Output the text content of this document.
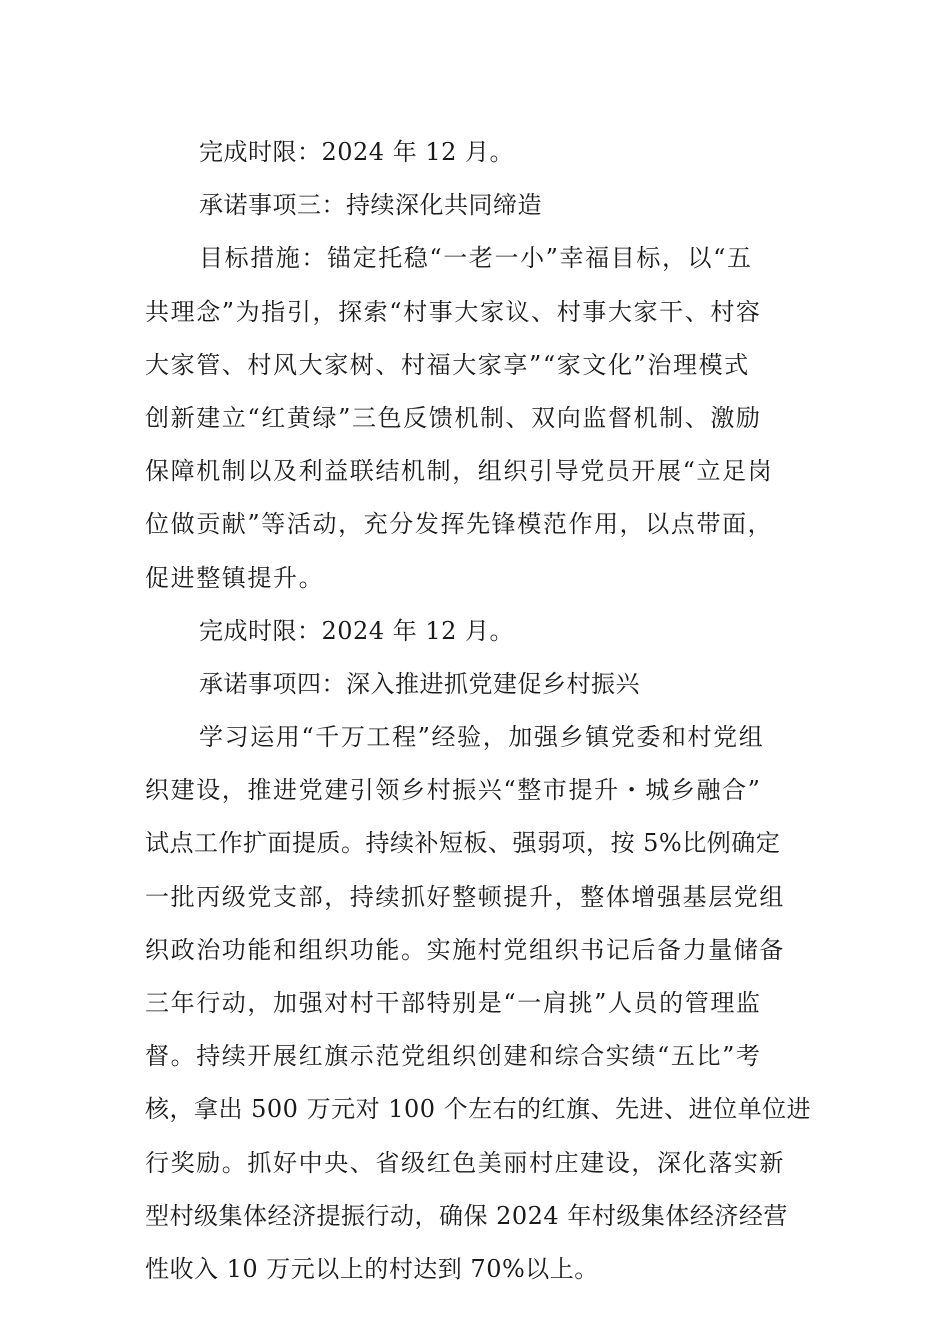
完成时限：2024 年 12 月。
承诺事项三：持续深化共同缔造
目标措施：锚定托稳“一老一小”幸福目标，以“五
共理念”为指引，探索“村事大家议、村事大家干、村容
大家管、村风大家树、村福大家享”“家文化”治理模式
创新建立“红黄绿”三色反馈机制、双向监督机制、激励
保障机制以及利益联结机制，组织引导党员开展“立足岗
位做贡献”等活动，充分发挥先锋模范作用，以点带面，
促进整镇提升。
完成时限：2024 年 12 月。
承诺事项四：深入推进抓党建促乡村振兴
学习运用“千万工程”经验，加强乡镇党委和村党组
织建设，推进党建引领乡村振兴“整市提升・城乡融合”
试点工作扩面提质。持续补短板、强弱项，按 5%比例确定
一批丙级党支部，持续抓好整顿提升，整体增强基层党组
织政治功能和组织功能。实施村党组织书记后备力量储备
三年行动，加强对村干部特别是“一肩挑”人员的管理监
督。持续开展红旗示范党组织创建和综合实绩“五比”考
核，拿出 500 万元对 100 个左右的红旗、先进、进位单位进
行奖励。抓好中央、省级红色美丽村庄建设，深化落实新
型村级集体经济提振行动，确保 2024 年村级集体经济经营
性收入 10 万元以上的村达到 70%以上。
